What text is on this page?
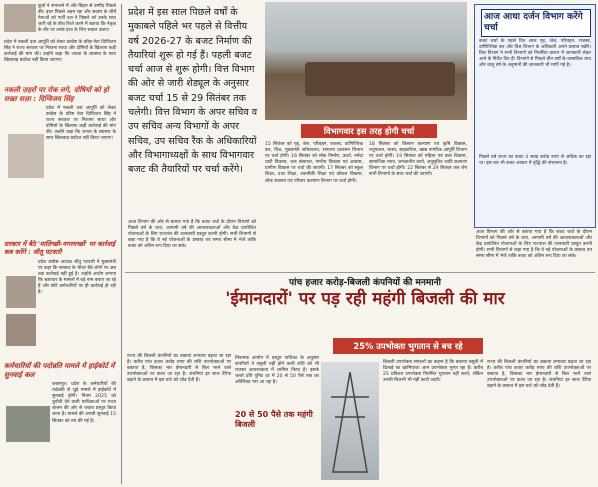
कुर्ता ने संभालने में और बिहार से उम्मीद पिछले की। इधर पिछले अहम रहा और सदस्य के शीर्ष नेताओं को पार्टी दल ने पिछले को उनके साथ जारी रहे के बीच रिश्ते करने में बताया कि नेतृत्व के तौर पर उनके हाथ के लिए सवाल उठाए।
प्रदेश में नकली दवा आपूर्ति को लेकर कांग्रेस के वरिष्ठ नेता दिग्विजय सिंह ने राज्य सरकार पर निशाना साधा और दोषियों के खिलाफ कड़ी कार्रवाई की मांग की। उन्होंने कहा कि जनता के स्वास्थ्य के साथ खिलवाड़ बर्दाश्त नहीं किया जाएगा।
नकली ज़हरों पर रोक लगे, दोषियों को हो सख्त सज़ा : दिग्विजय सिंह
प्रदेश में नकली दवा आपूर्ति को लेकर कांग्रेस के वरिष्ठ नेता दिग्विजय सिंह ने राज्य सरकार पर निशाना साधा और दोषियों के खिलाफ कड़ी कार्रवाई की मांग की। उन्होंने कहा कि जनता के स्वास्थ्य के साथ खिलवाड़ बर्दाश्त नहीं किया जाएगा।
सरकार में बैठे 'मालिच्छी-मगरमच्छों' पर कार्रवाई कब करेंगे : जीतू पटवारी
प्रदेश कांग्रेस अध्यक्ष जीतू पटवारी ने मुख्यमंत्री पर कहा कि सरकार के भीतर बैठे लोगों पर अब तक कार्रवाई नहीं हुई है। उन्होंने आरोप लगाया कि भ्रष्टाचार के मामलों में बड़े नाम बचाए जा रहे हैं और छोटे कर्मचारियों पर ही कार्रवाई हो रही है।
कर्मचारियों की पदोन्नति मामले में हाईकोर्ट में सुनवाई कल
जबलपुर। प्रदेश के कर्मचारियों की पदोन्नति से जुड़े मामले में हाईकोर्ट में सुनवाई होगी। नियम 2025 को चुनौती देने वाली याचिकाओं पर राज्य शासन की ओर से जवाब प्रस्तुत किया जाना है। मामले की अगली सुनवाई 15 सितंबर को तय की गई है।
प्रदेश में इस साल पिछले वर्षों के मुकाबले पहिले भर पहले से वित्तीय वर्ष 2026-27 के बजट निर्माण की तैयारियां शुरू हो गई हैं। पहली बजट चर्चा आज से शुरू होगी। वित्त विभाग की ओर से जारी शेड्यूल के अनुसार बजट चर्चा 15 से 29 सितंबर तक चलेगी। वित्त विभाग के अपर सचिव व उप सचिव अन्य विभागों के अपर सचिव, उप सचिव रैंक के अधिकारियों और विभागाध्यक्षों के साथ विभागवार बजट की तैयारियों पर चर्चा करेंगे।
विभागवार इस तरह होगी चर्चा
15 सितंबर को गृह, जेल, परिवहन, राजस्व, वाणिज्यिक कर, वित्त, मुख्यमंत्री सचिवालय, सामान्य प्रशासन विभाग पर चर्चा होगी। 16 सितंबर को लोक निर्माण, ऊर्जा, नर्मदा घाटी विकास, जल संसाधन, नगरीय विकास एवं आवास, ग्रामीण विकास पर चर्चा की जाएगी। 17 सितंबर को स्कूल शिक्षा, उच्च शिक्षा, तकनीकी शिक्षा एवं कौशल विकास, लोक स्वास्थ्य एवं परिवार कल्याण विभाग पर चर्चा होगी।
18 सितंबर को किसान कल्याण एवं कृषि विकास, पशुपालन, मत्स्य, सहकारिता, खाद्य नागरिक आपूर्ति विभाग पर चर्चा होगी। 19 सितंबर को महिला एवं बाल विकास, सामाजिक न्याय, जनजातीय कार्य, अनुसूचित जाति कल्याण विभाग पर चर्चा होगी। 22 सितंबर से 29 सितंबर तक शेष सभी विभागों के साथ चर्चा की जाएगी।
आज विभाग की ओर से बताया गया है कि बजट चर्चा के दौरान विभागों को पिछले वर्ष के व्यय, आगामी वर्ष की आवश्यकताओं और केंद्र प्रायोजित योजनाओं के लिए राज्यांश की जानकारी प्रस्तुत करनी होगी। सभी विभागों से कहा गया है कि वे नई योजनाओं के प्रस्ताव तय समय सीमा में भेजें ताकि बजट को अंतिम रूप दिया जा सके।
आज आधा दर्जन विभाग करेंगे चर्चा
बजट चर्चा के पहले दिन आज गृह, जेल, परिवहन, राजस्व, वाणिज्यिक कर और वित्त विभाग के अधिकारी अपने प्रस्ताव रखेंगे। वित्त विभाग ने सभी विभागों को निर्धारित प्रारूप में जानकारी लेकर आने के निर्देश दिए हैं। विभागों से पिछले तीन वर्षों के वास्तविक व्यय और चालू वर्ष के अनुमानों की जानकारी भी मांगी गई है।
पिछले वर्ष राज्य का बजट 4 लाख करोड़ रुपए से अधिक का रहा था। इस बार भी बजट आकार में वृद्धि की संभावना है।
आज विभाग की ओर से बताया गया है कि बजट चर्चा के दौरान विभागों को पिछले वर्ष के व्यय, आगामी वर्ष की आवश्यकताओं और केंद्र प्रायोजित योजनाओं के लिए राज्यांश की जानकारी प्रस्तुत करनी होगी। सभी विभागों से कहा गया है कि वे नई योजनाओं के प्रस्ताव तय समय सीमा में भेजें ताकि बजट को अंतिम रूप दिया जा सके।
पांच हजार करोड़-बिजली कंपनियों की मनमानी
'ईमानदारों' पर पड़ रही महंगी बिजली की मार
25% उपभोक्ता भुगतान से बच रहे
राज्य की बिजली कंपनियों का बकाया लगातार बढ़ता जा रहा है। करीब पांच हजार करोड़ रुपए की राशि उपभोक्ताओं पर बकाया है, जिसका भार ईमानदारी से बिल भरने वाले उपभोक्ताओं पर डाला जा रहा है। कंपनियां हर साल टैरिफ बढ़ाने के प्रस्ताव में इस घाटे को जोड़ देती हैं।
20 से 50 पैसे तक महंगी बिजली
नियामक आयोग में प्रस्तुत याचिका के अनुसार कंपनियों ने वसूली नहीं होने वाली राशि को भी राजस्व आवश्यकता में शामिल किया है। इसके चलते प्रति यूनिट दर में 20 से 50 पैसे तक का अतिरिक्त भार आ रहा है।
बिजली उपभोक्ता संगठनों का कहना है कि बकाया वसूली में ढिलाई का खामियाजा आम उपभोक्ता भुगत रहा है। करीब 25 प्रतिशत उपभोक्ता नियमित भुगतान नहीं करते, लेकिन उनकी बिजली भी नहीं काटी जाती।
राज्य की बिजली कंपनियों का बकाया लगातार बढ़ता जा रहा है। करीब पांच हजार करोड़ रुपए की राशि उपभोक्ताओं पर बकाया है, जिसका भार ईमानदारी से बिल भरने वाले उपभोक्ताओं पर डाला जा रहा है। कंपनियां हर साल टैरिफ बढ़ाने के प्रस्ताव में इस घाटे को जोड़ देती हैं।
